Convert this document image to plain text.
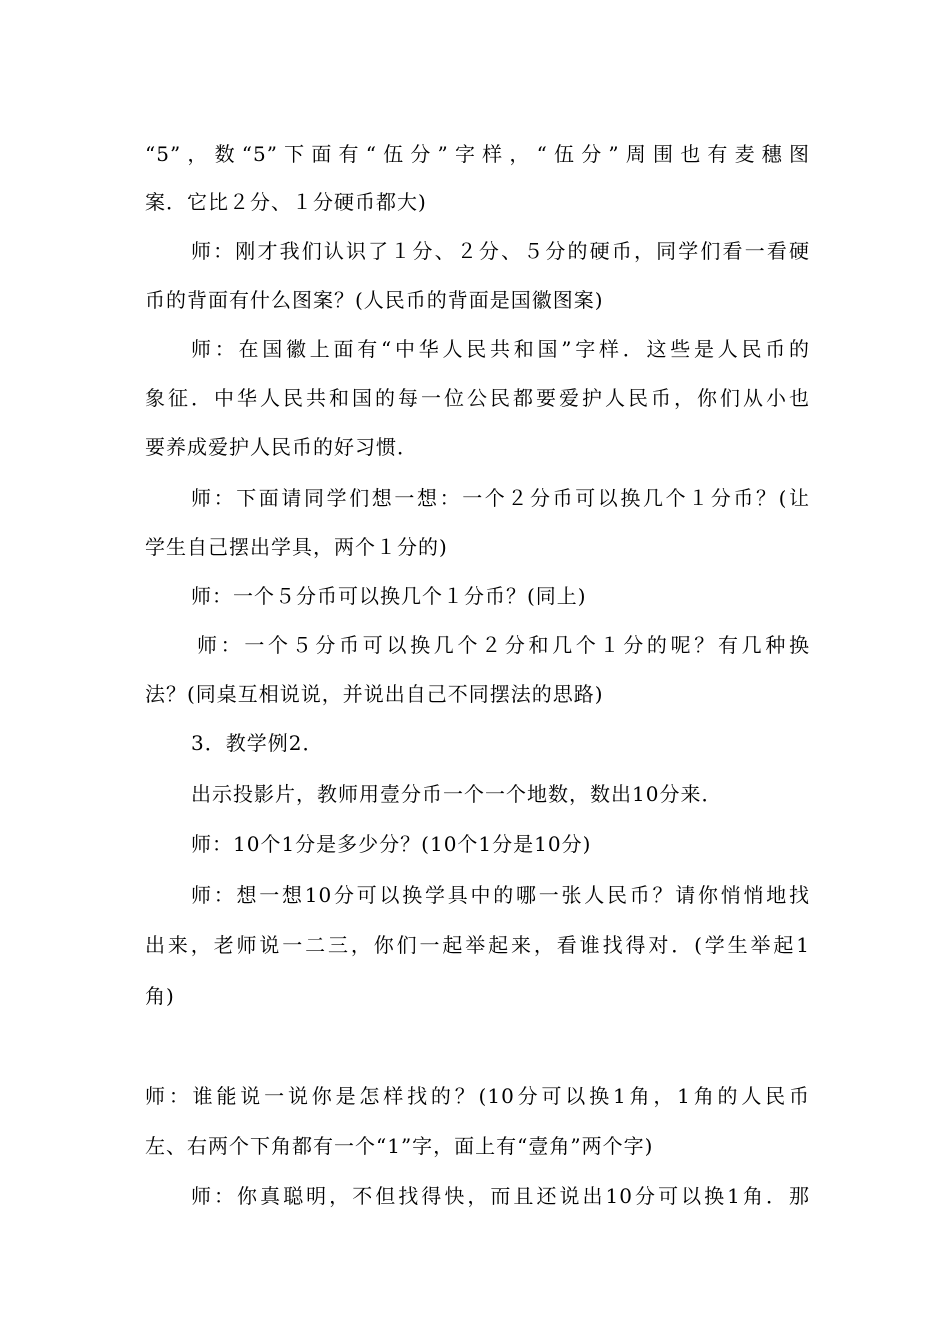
“5”，数“5”下面有“伍分”字样，“伍分”周围也有麦穗图
案．它比２分、１分硬币都大)
师：刚才我们认识了１分、２分、５分的硬币，同学们看一看硬
币的背面有什么图案？(人民币的背面是国徽图案)
师：在国徽上面有“中华人民共和国”字样．这些是人民币的
象征．中华人民共和国的每一位公民都要爱护人民币，你们从小也
要养成爱护人民币的好习惯．
师：下面请同学们想一想：一个２分币可以换几个１分币？(让
学生自己摆出学具，两个１分的)
师：一个５分币可以换几个１分币？(同上)
师：一个５分币可以换几个２分和几个１分的呢？有几种换
法？(同桌互相说说，并说出自己不同摆法的思路)
3．教学例2．
出示投影片，教师用壹分币一个一个地数，数出10分来．
师：10个1分是多少分？(10个1分是10分)
师：想一想10分可以换学具中的哪一张人民币？请你悄悄地找
出来，老师说一二三，你们一起举起来，看谁找得对．(学生举起1
角)
师：谁能说一说你是怎样找的？(10分可以换1角，1角的人民币
左、右两个下角都有一个“1”字，面上有“壹角”两个字)
师：你真聪明，不但找得快，而且还说出10分可以换1角．那
